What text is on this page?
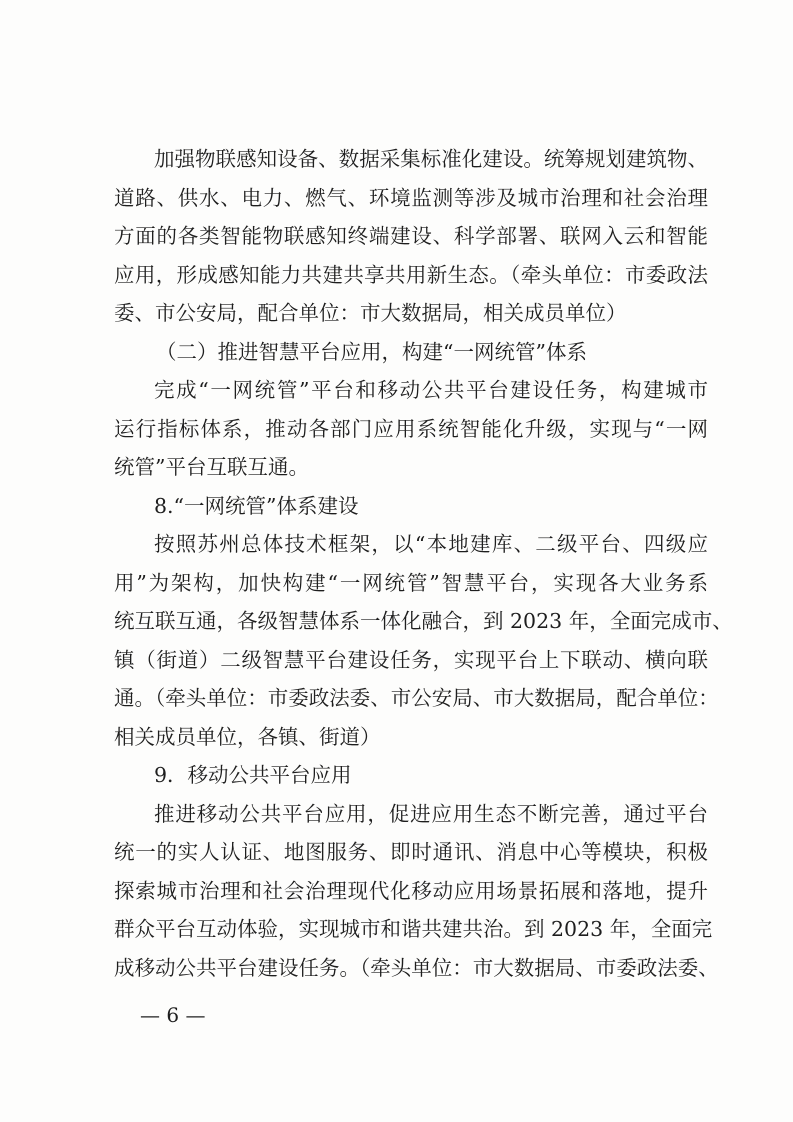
加强物联感知设备、数据采集标准化建设。统筹规划建筑物、

道路、供水、电力、燃气、环境监测等涉及城市治理和社会治理

方面的各类智能物联感知终端建设、科学部署、联网入云和智能

应用，形成感知能力共建共享共用新生态。（牵头单位：市委政法

委、市公安局，配合单位：市大数据局，相关成员单位）

（二）推进智慧平台应用，构建“一网统管”体系

完成“一网统管”平台和移动公共平台建设任务，构建城市

运行指标体系，推动各部门应用系统智能化升级，实现与“一网

统管”平台互联互通。

8.“一网统管”体系建设

按照苏州总体技术框架，以“本地建库、二级平台、四级应

用”为架构，加快构建“一网统管”智慧平台，实现各大业务系

统互联互通，各级智慧体系一体化融合，到 2023 年，全面完成市、

镇（街道）二级智慧平台建设任务，实现平台上下联动、横向联

通。（牵头单位：市委政法委、市公安局、市大数据局，配合单位：

相关成员单位，各镇、街道）

9．移动公共平台应用

推进移动公共平台应用，促进应用生态不断完善，通过平台

统一的实人认证、地图服务、即时通讯、消息中心等模块，积极

探索城市治理和社会治理现代化移动应用场景拓展和落地，提升

群众平台互动体验，实现城市和谐共建共治。到 2023 年，全面完

成移动公共平台建设任务。（牵头单位：市大数据局、市委政法委、

— 6 —
